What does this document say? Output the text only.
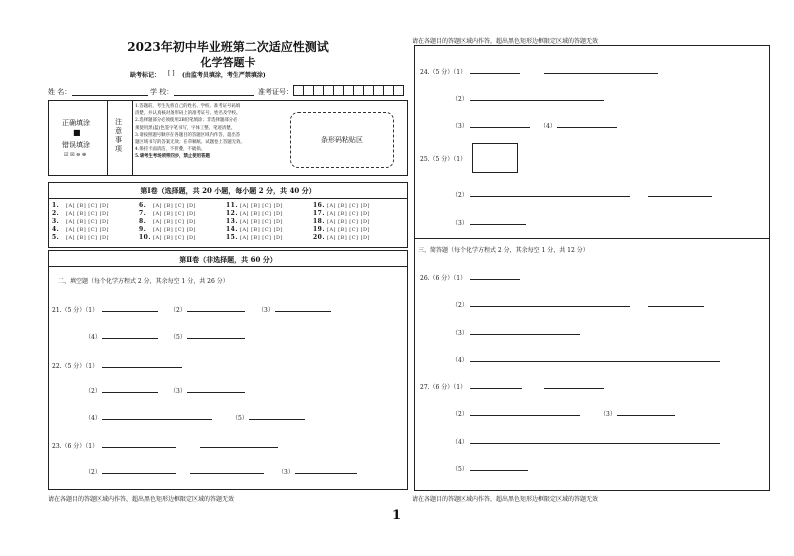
2023年初中毕业班第二次适应性测试
化学答题卡
缺考标记： [ ] (由监考员填涂，考生严禁填涂)
姓 名：	学 校：	准考证号：
正确填涂
■
错误填涂
☑ ☒ ⊖ ⊕
注意事项
1.答题前，考生先将自己的姓名、学校、准考证号码填
清楚，并认真核对条形码上的准考证号、姓名及学校。
2.选择题部分必须使用2B铅笔填涂；非选择题部分必
须使用黑(蓝)色签字笔书写，字体工整、笔迹清楚。
3.请按照题号顺序在各题目的答题区域内作答，超出答
题区域书写的答案无效；在草稿纸、试题卷上答题无效。
4.保持卡面清洁，不折叠，不破损。
5.请考生考场须带四步，禁止使用答题
条形码粘贴区
第Ⅰ卷（选择题，共 20 小题，每小题 2 分，共 40 分）
1. [A] [B] [C] [D]
2. [A] [B] [C] [D]
3. [A] [B] [C] [D]
4. [A] [B] [C] [D]
5. [A] [B] [C] [D]
6. [A] [B] [C] [D]
7. [A] [B] [C] [D]
8. [A] [B] [C] [D]
9. [A] [B] [C] [D]
10. [A] [B] [C] [D]
11. [A] [B] [C] [D]
12. [A] [B] [C] [D]
13. [A] [B] [C] [D]
14. [A] [B] [C] [D]
15. [A] [B] [C] [D]
16. [A] [B] [C] [D]
17. [A] [B] [C] [D]
18. [A] [B] [C] [D]
19. [A] [B] [C] [D]
20. [A] [B] [C] [D]
第Ⅱ卷（非选择题，共 60 分）
二、填空题（每个化学方程式 2 分，其余每空 1 分，共 26 分）
21.（5 分）（1）	（2）	（3）
（4）	（5）
22.（5 分）（1）
（2）	（3）
（4）	（5）
23.（6 分）（1）
（2）	（3）
请在各题目的答题区域内作答，超出黑色矩形边框限定区域的答题无效
请在各题目的答题区域内作答，超出黑色矩形边框限定区域的答题无效
24.（5 分）（1）
（2）
（3）	（4）
25.（5 分）（1）
（2）
（3）
三、简答题（每个化学方程式 2 分，其余每空 1 分，共 12 分）
26.（6 分）（1）
（2）
（3）
（4）
27.（6 分）（1）
（2）	（3）
（4）
（5）
请在各题目的答题区域内作答，超出黑色矩形边框限定区域的答题无效
1
